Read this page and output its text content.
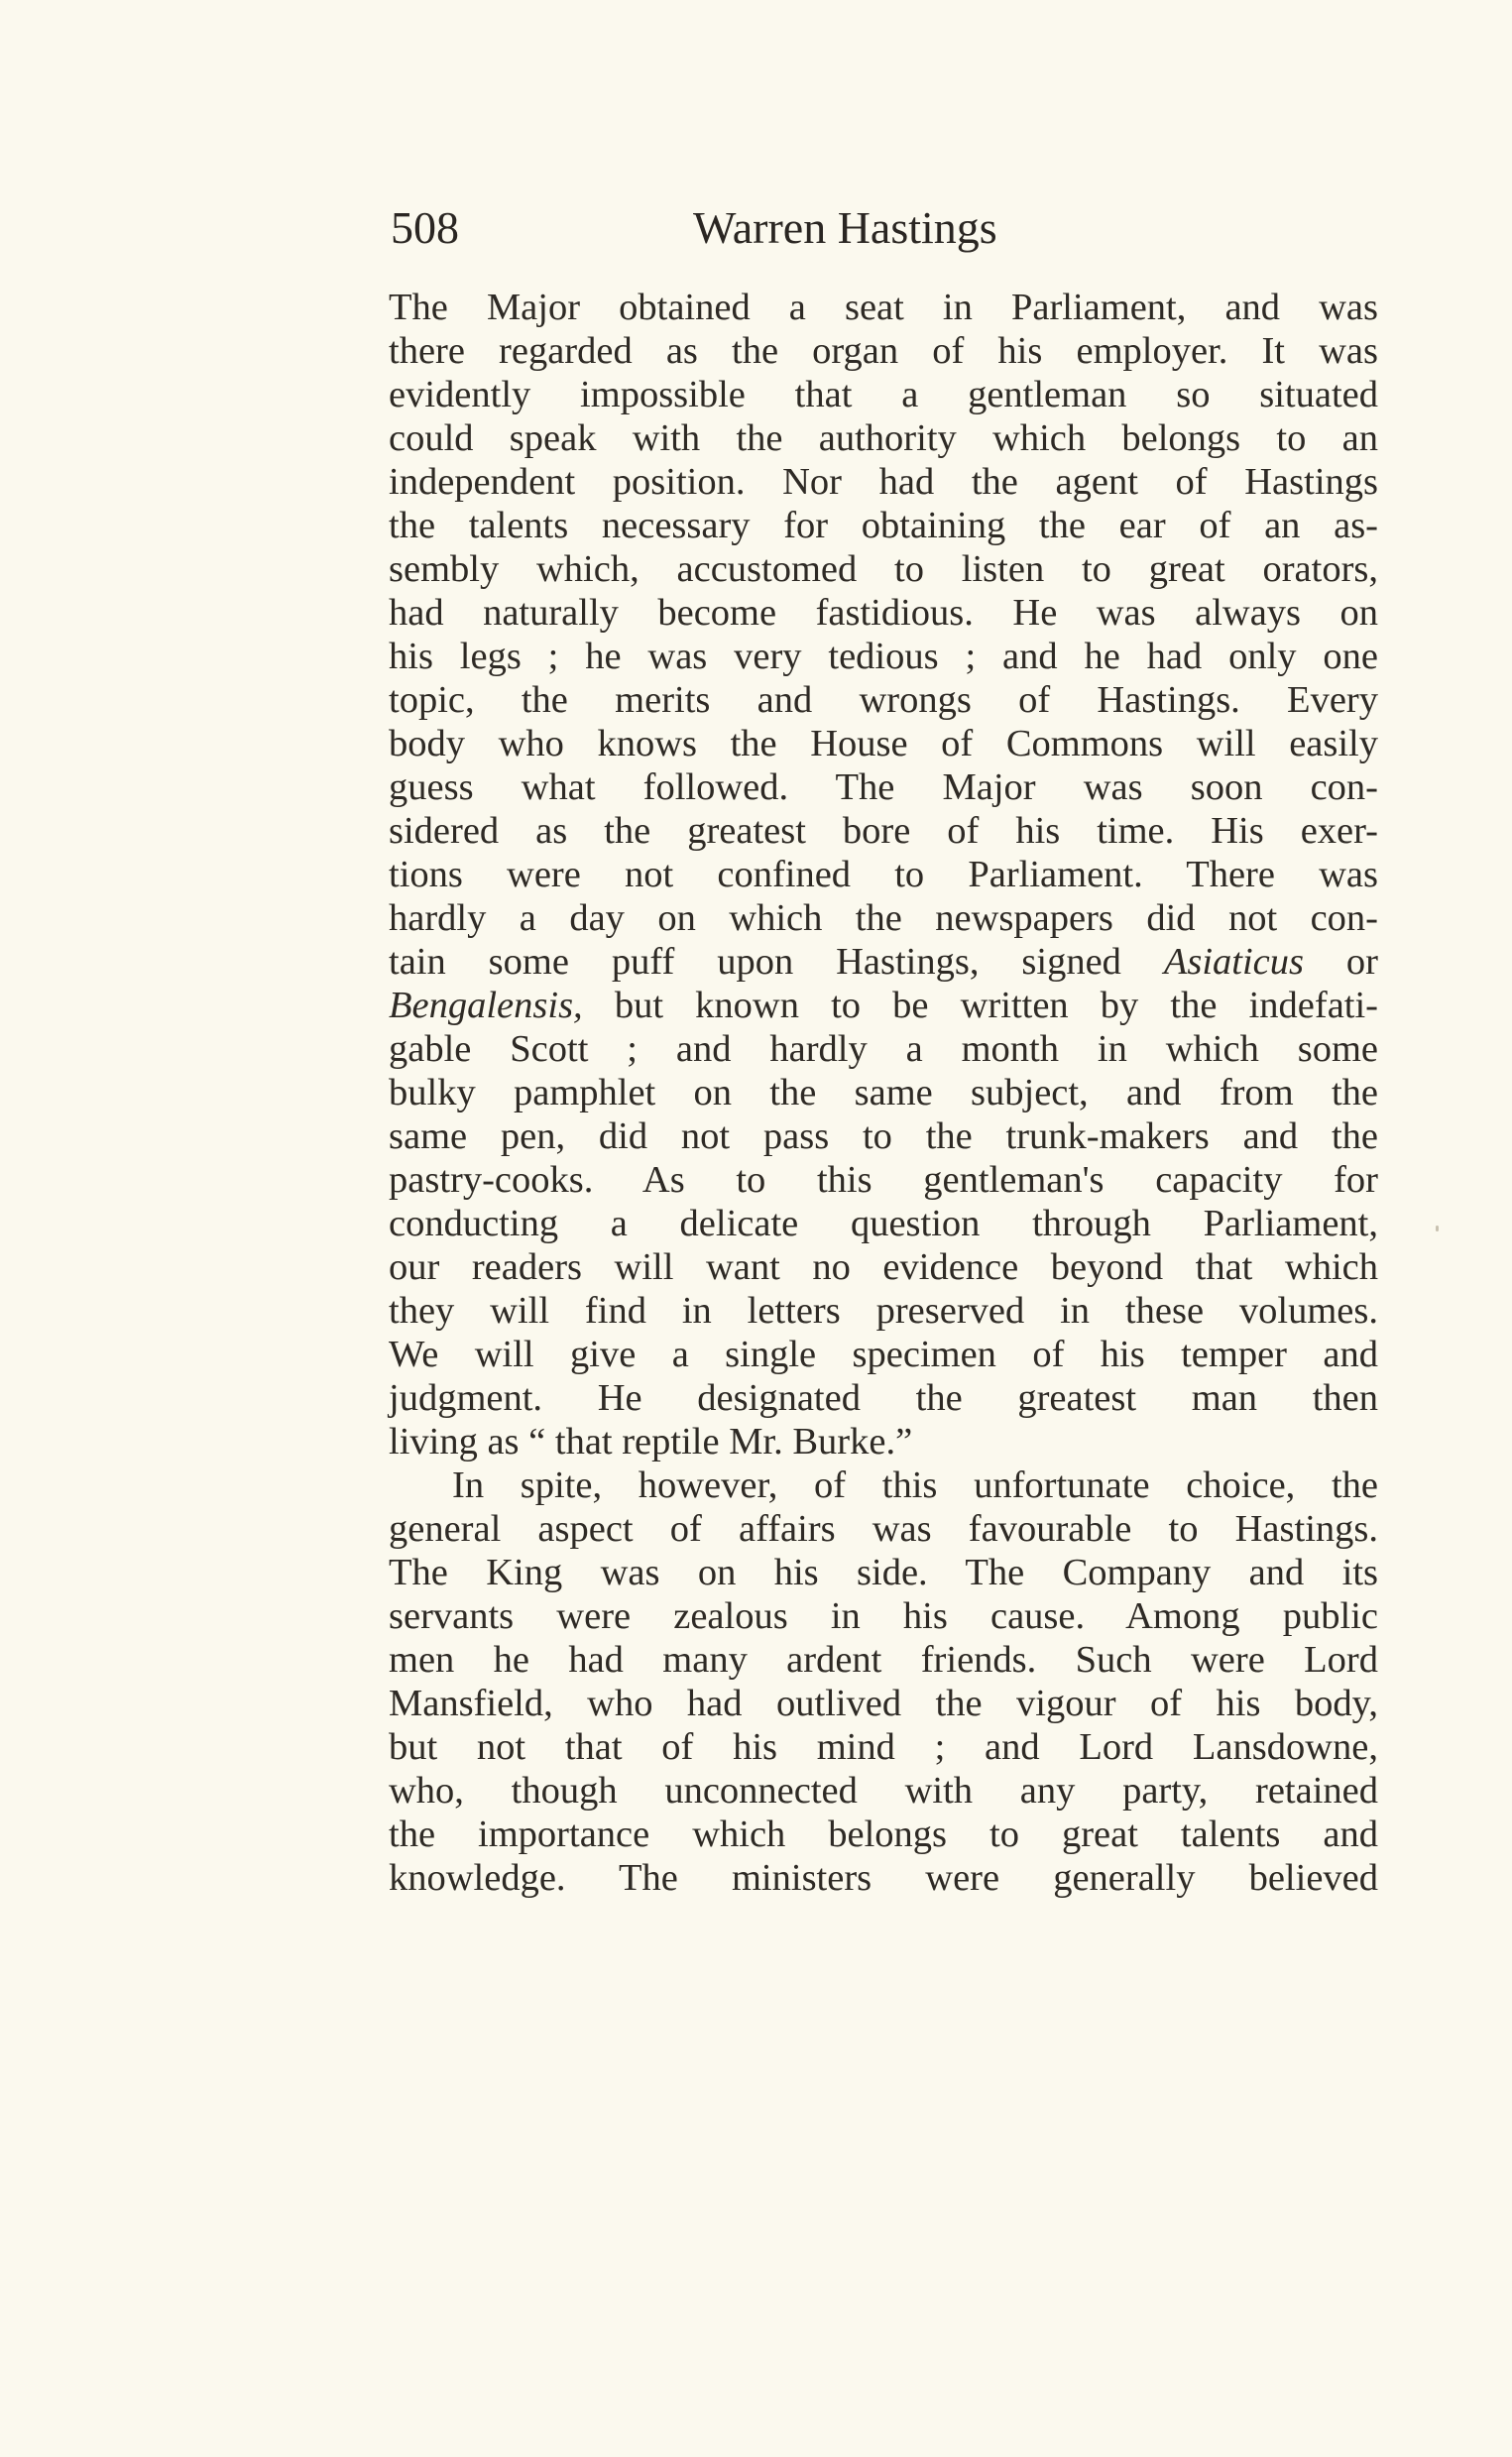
508	Warren Hastings
The Major obtained a seat in Parliament, and was
there regarded as the organ of his employer. It was
evidently impossible that a gentleman so situated
could speak with the authority which belongs to an
independent position. Nor had the agent of Hastings
the talents necessary for obtaining the ear of an as-
sembly which, accustomed to listen to great orators,
had naturally become fastidious. He was always on
his legs ; he was very tedious ; and he had only one
topic, the merits and wrongs of Hastings. Every
body who knows the House of Commons will easily
guess what followed. The Major was soon con-
sidered as the greatest bore of his time. His exer-
tions were not confined to Parliament. There was
hardly a day on which the newspapers did not con-
tain some puff upon Hastings, signed Asiaticus or
Bengalensis, but known to be written by the indefati-
gable Scott ; and hardly a month in which some
bulky pamphlet on the same subject, and from the
same pen, did not pass to the trunk-makers and the
pastry-cooks. As to this gentleman's capacity for
conducting a delicate question through Parliament,
our readers will want no evidence beyond that which
they will find in letters preserved in these volumes.
We will give a single specimen of his temper and
judgment. He designated the greatest man then
living as “ that reptile Mr. Burke.”
In spite, however, of this unfortunate choice, the
general aspect of affairs was favourable to Hastings.
The King was on his side. The Company and its
servants were zealous in his cause. Among public
men he had many ardent friends. Such were Lord
Mansfield, who had outlived the vigour of his body,
but not that of his mind ; and Lord Lansdowne,
who, though unconnected with any party, retained
the importance which belongs to great talents and
knowledge. The ministers were generally believed
